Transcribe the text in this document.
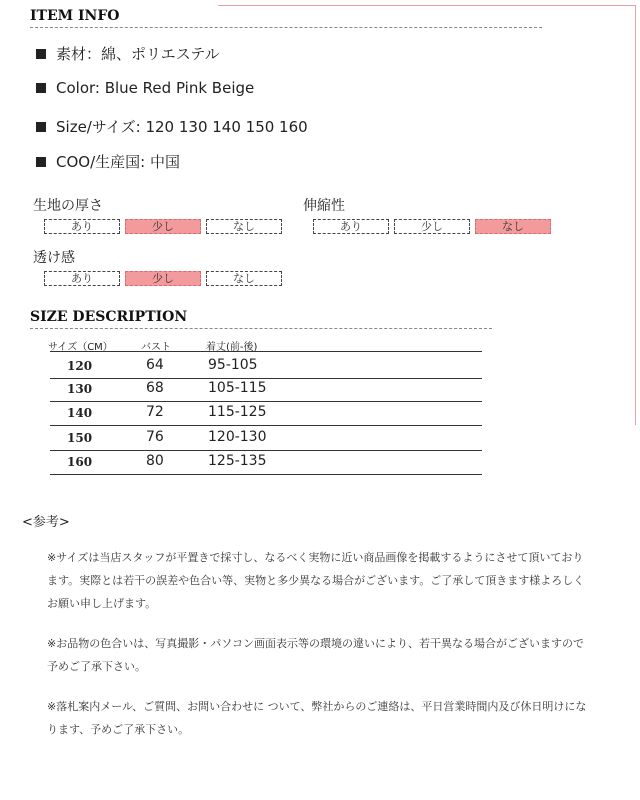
ITEM INFO
素材：綿、ポリエステル
Color: Blue Red Pink Beige
Size/サイズ: 120 130 140 150 160
COO/生産国: 中国
生地の厚さ
あり	少し	なし
伸縮性
あり	少し	なし
透け感
あり	少し	なし
SIZE DESCRIPTION
サイズ（CM）	バスト	着丈(前-後)
120	64	95-105
130	68	105-115
140	72	115-125
150	76	120-130
160	80	125-135
<参考>
※サイズは当店スタッフが平置きで採寸し、なるべく実物に近い商品画像を掲載するようにさせて頂いております。実際とは若干の誤差や色合い等、実物と多少異なる場合がございます。ご了承して頂きます様よろしくお願い申し上げます。
※お品物の色合いは、写真撮影・パソコン画面表示等の環境の違いにより、若干異なる場合がございますので予めご了承下さい。
※落札案内メール、ご質問、お問い合わせに ついて、弊社からのご連絡は、平日営業時間内及び休日明けになります、予めご了承下さい。
